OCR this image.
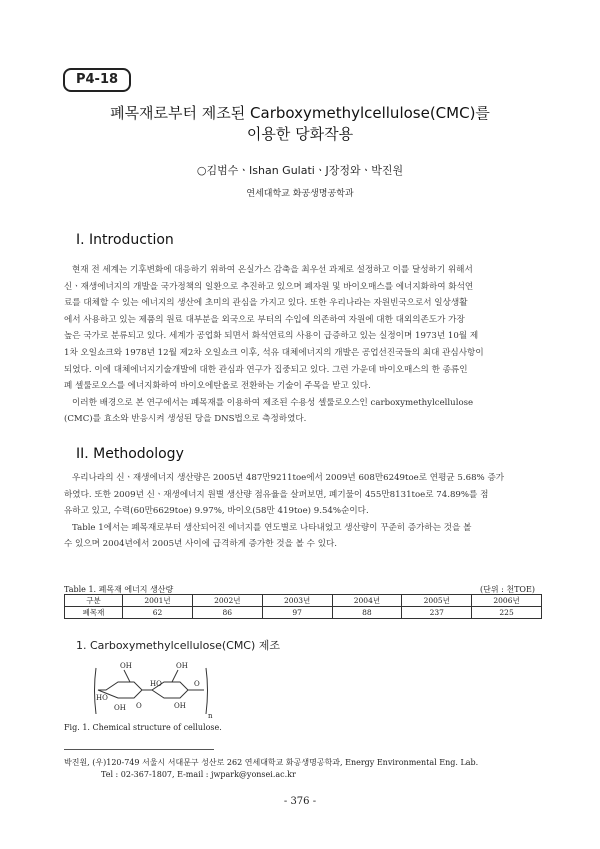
P4-18
폐목재로부터 제조된 Carboxymethylcellulose(CMC)를
이용한 당화작용
○김범수ㆍIshan GulatiㆍJ장정와ㆍ박진원
연세대학교 화공생명공학과
I. Introduction

현재 전 세계는 기후변화에 대응하기 위하여 온실가스 감축을 최우선 과제로 설정하고 이를 달성하기 위해서

신ㆍ재생에너지의 개발을 국가정책의 일환으로 추진하고 있으며 폐자원 및 바이오매스를 에너지화하여 화석연

료를 대체할 수 있는 에너지의 생산에 초미의 관심을 가지고 있다. 또한 우리나라는 자원빈국으로서 일상생활

에서 사용하고 있는 제품의 원료 대부분을 외국으로 부터의 수입에 의존하여 자원에 대한 대외의존도가 가장

높은 국가로 분류되고 있다. 세계가 공업화 되면서 화석연료의 사용이 급증하고 있는 실정이며 1973년 10월 제

1차 오일쇼크와 1978년 12월 제2차 오일쇼크 이후, 석유 대체에너지의 개발은 공업선진국들의 최대 관심사항이

되었다. 이에 대체에너지기술개발에 대한 관심과 연구가 집중되고 있다. 그런 가운데 바이오매스의 한 종류인

폐 셀룰로오스를 에너지화하여 바이오에탄올로 전환하는 기술이 주목을 받고 있다.

이러한 배경으로 본 연구에서는 폐목재를 이용하여 제조된 수용성 셀룰로오스인 carboxymethylcellulose

(CMC)를 효소와 반응시켜 생성된 당을 DNS법으로 측정하였다.

II. Methodology

우리나라의 신ㆍ재생에너지 생산량은 2005년 487만9211toe에서 2009년 608만6249toe로 연평균 5.68% 증가

하였다. 또한 2009년 신ㆍ재생에너지 원별 생산량 점유율을 살펴보면, 폐기물이 455만8131toe로 74.89%를 점

유하고 있고, 수력(60만6629toe) 9.97%, 바이오(58만 419toe) 9.54%순이다.

Table 1에서는 폐목재로부터 생산되어진 에너지를 연도별로 나타내었고 생산량이 꾸준히 증가하는 것을 볼

수 있으며 2004년에서 2005년 사이에 급격하게 증가한 것을 볼 수 있다.

Table 1. 폐목재 에너지 생산량	(단위 : 천TOE)
구분	2001년	2002년	2003년	2004년	2005년	2006년
폐목재	62	86	97	88	237	225
1. Carboxymethylcellulose(CMC) 제조
OH
HO
OH
HO
OH
O	OH
O
n
Fig. 1. Chemical structure of cellulose.
박진원, (우)120-749 서울시 서대문구 성산로 262 연세대학교 화공생명공학과, Energy Environmental Eng. Lab.
Tel : 02-367-1807, E-mail : jwpark@yonsei.ac.kr
- 376 -
